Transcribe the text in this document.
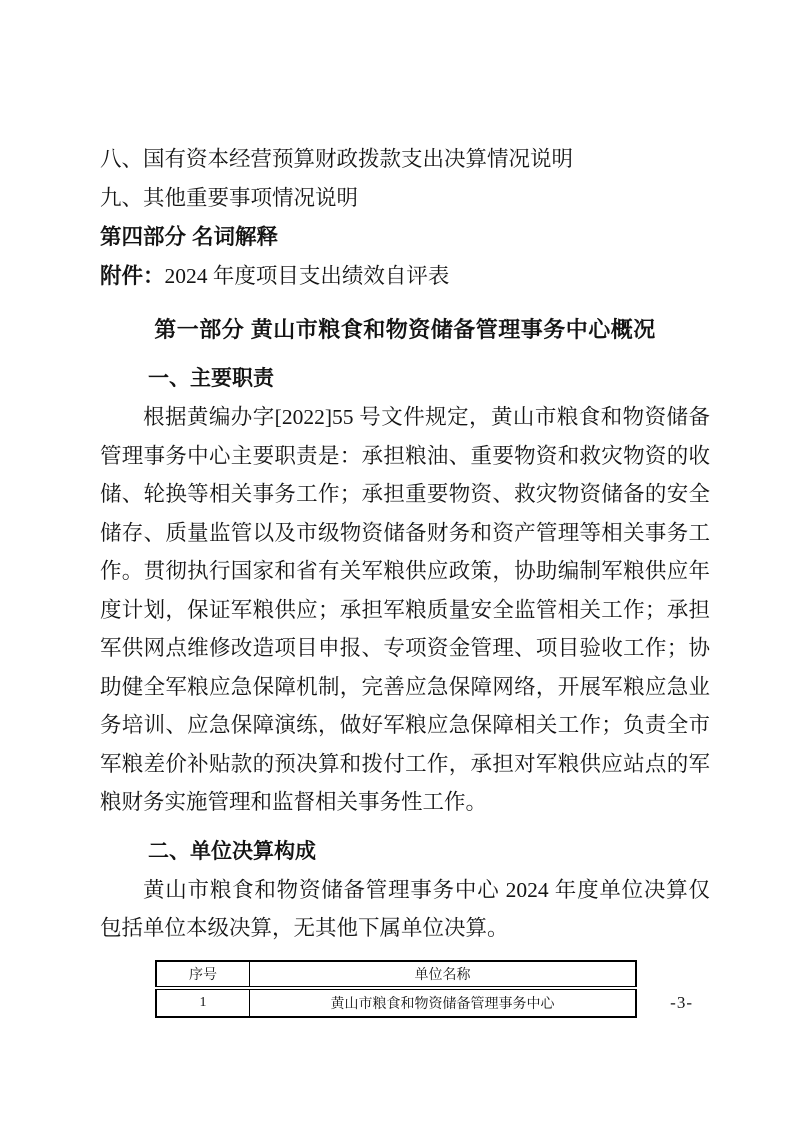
八、国有资本经营预算财政拨款支出决算情况说明
九、其他重要事项情况说明
第四部分 名词解释
附件：2024 年度项目支出绩效自评表
第一部分 黄山市粮食和物资储备管理事务中心概况
一、主要职责

根据黄编办字[2022]55 号文件规定，黄山市粮食和物资储备管理事务中心主要职责是：承担粮油、重要物资和救灾物资的收储、轮换等相关事务工作；承担重要物资、救灾物资储备的安全储存、质量监管以及市级物资储备财务和资产管理等相关事务工作。贯彻执行国家和省有关军粮供应政策，协助编制军粮供应年度计划，保证军粮供应；承担军粮质量安全监管相关工作；承担军供网点维修改造项目申报、专项资金管理、项目验收工作；协助健全军粮应急保障机制，完善应急保障网络，开展军粮应急业务培训、应急保障演练，做好军粮应急保障相关工作；负责全市军粮差价补贴款的预决算和拨付工作，承担对军粮供应站点的军粮财务实施管理和监督相关事务性工作。

二、单位决算构成

黄山市粮食和物资储备管理事务中心 2024 年度单位决算仅包括单位本级决算，无其他下属单位决算。

序号	单位名称
1	黄山市粮食和物资储备管理事务中心	-3-
